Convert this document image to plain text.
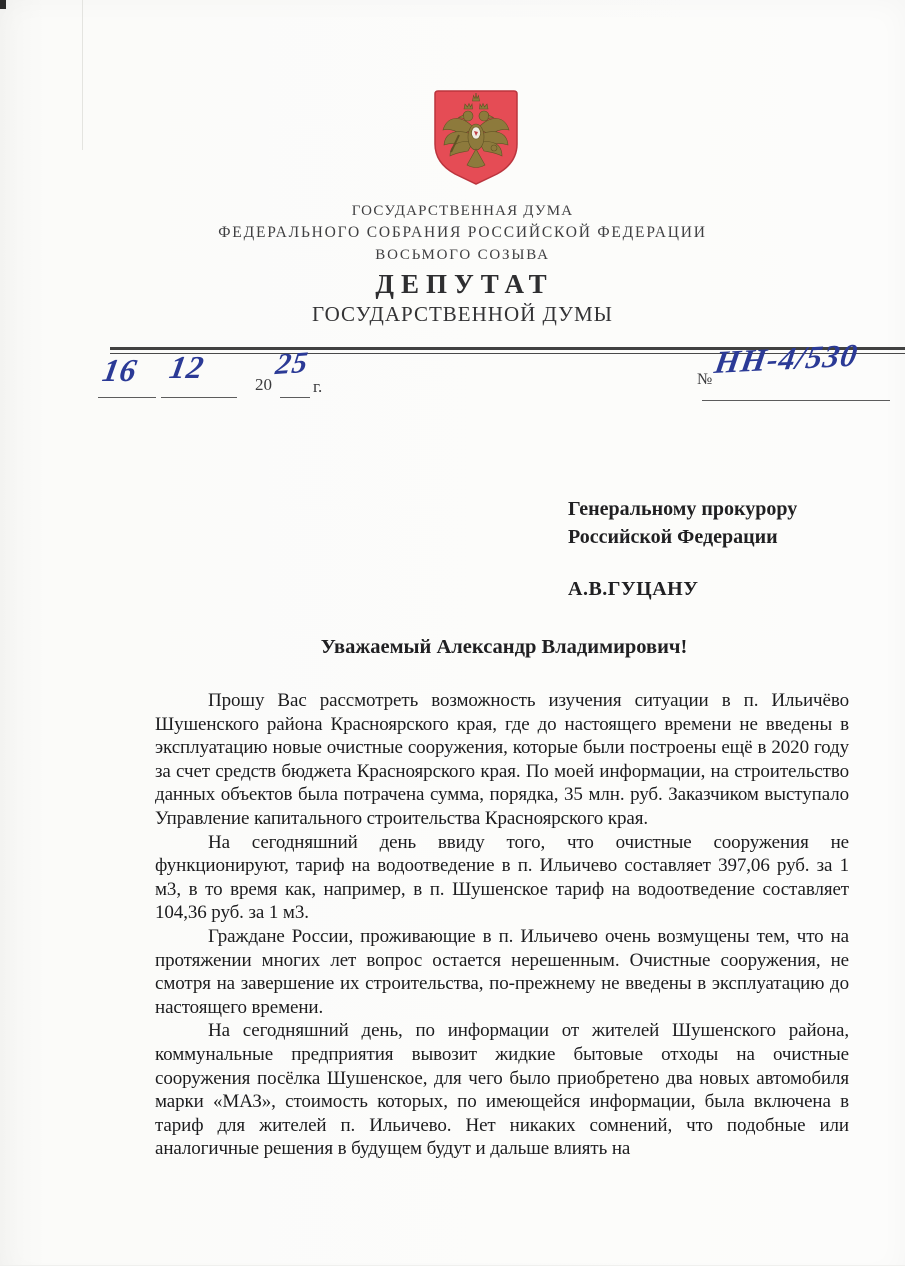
ГОСУДАРСТВЕННАЯ ДУМА
ФЕДЕРАЛЬНОГО СОБРАНИЯ РОССИЙСКОЙ ФЕДЕРАЦИИ
ВОСЬМОГО СОЗЫВА
ДЕПУТАТ
ГОСУДАРСТВЕННОЙ ДУМЫ
16 12	20
25
г.	№ НН-4/530
Генеральному прокурору
Российской Федерации
А.В.ГУЦАНУ
Уважаемый Александр Владимирович!

Прошу Вас рассмотреть возможность изучения ситуации в п. Ильичёво Шушенского района Красноярского края, где до настоящего времени не введены в эксплуатацию новые очистные сооружения, которые были построены ещё в 2020 году за счет средств бюджета Красноярского края. По моей информации, на строительство данных объектов была потрачена сумма, порядка, 35 млн. руб. Заказчиком выступало Управление капитального строительства Красноярского края.

На сегодняшний день ввиду того, что очистные сооружения не функционируют, тариф на водоотведение в п. Ильичево составляет 397,06 руб. за 1 м3, в то время как, например, в п. Шушенское тариф на водоотведение составляет 104,36 руб. за 1 м3.

Граждане России, проживающие в п. Ильичево очень возмущены тем, что на протяжении многих лет вопрос остается нерешенным. Очистные сооружения, не смотря на завершение их строительства, по-прежнему не введены в эксплуатацию до настоящего времени.

На сегодняшний день, по информации от жителей Шушенского района, коммунальные предприятия вывозит жидкие бытовые отходы на очистные сооружения посёлка Шушенское, для чего было приобретено два новых автомобиля марки «МАЗ», стоимость которых, по имеющейся информации, была включена в тариф для жителей п. Ильичево. Нет никаких сомнений, что подобные или аналогичные решения в будущем будут и дальше влиять на
